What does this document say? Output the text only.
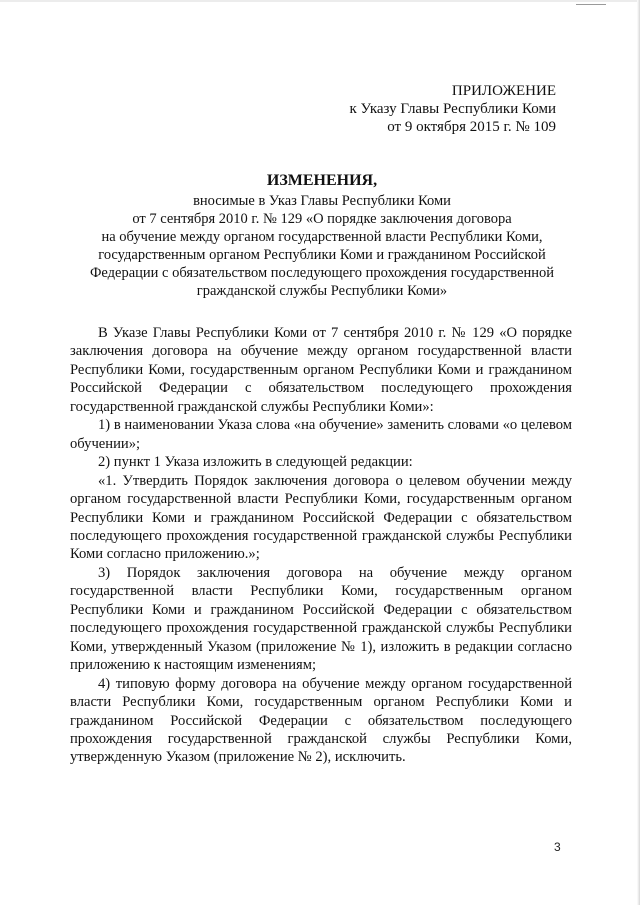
ПРИЛОЖЕНИЕ
к Указу Главы Республики Коми
от 9 октября 2015 г. № 109
ИЗМЕНЕНИЯ,
вносимые в Указ Главы Республики Коми
от 7 сентября 2010 г. № 129 «О порядке заключения договора
на обучение между органом государственной власти Республики Коми,
государственным органом Республики Коми и гражданином Российской
Федерации с обязательством последующего прохождения государственной
гражданской службы Республики Коми»

В Указе Главы Республики Коми от 7 сентября 2010 г. № 129 «О порядке заключения договора на обучение между органом государственной власти Республики Коми, государственным органом Республики Коми и гражданином Российской Федерации с обязательством последующего прохождения государственной гражданской службы Республики Коми»:

1) в наименовании Указа слова «на обучение» заменить словами «о целевом обучении»;

2) пункт 1 Указа изложить в следующей редакции:

«1. Утвердить Порядок заключения договора о целевом обучении между органом государственной власти Республики Коми, государственным органом Республики Коми и гражданином Российской Федерации с обязательством последующего прохождения государственной гражданской службы Республики Коми согласно приложению.»;

3) Порядок заключения договора на обучение между органом государственной власти Республики Коми, государственным органом Республики Коми и гражданином Российской Федерации с обязательством последующего прохождения государственной гражданской службы Республики Коми, утвержденный Указом (приложение № 1), изложить в редакции согласно приложению к настоящим изменениям;

4) типовую форму договора на обучение между органом государственной власти Республики Коми, государственным органом Республики Коми и гражданином Российской Федерации с обязательством последующего прохождения государственной гражданской службы Республики Коми, утвержденную Указом (приложение № 2), исключить.

3
